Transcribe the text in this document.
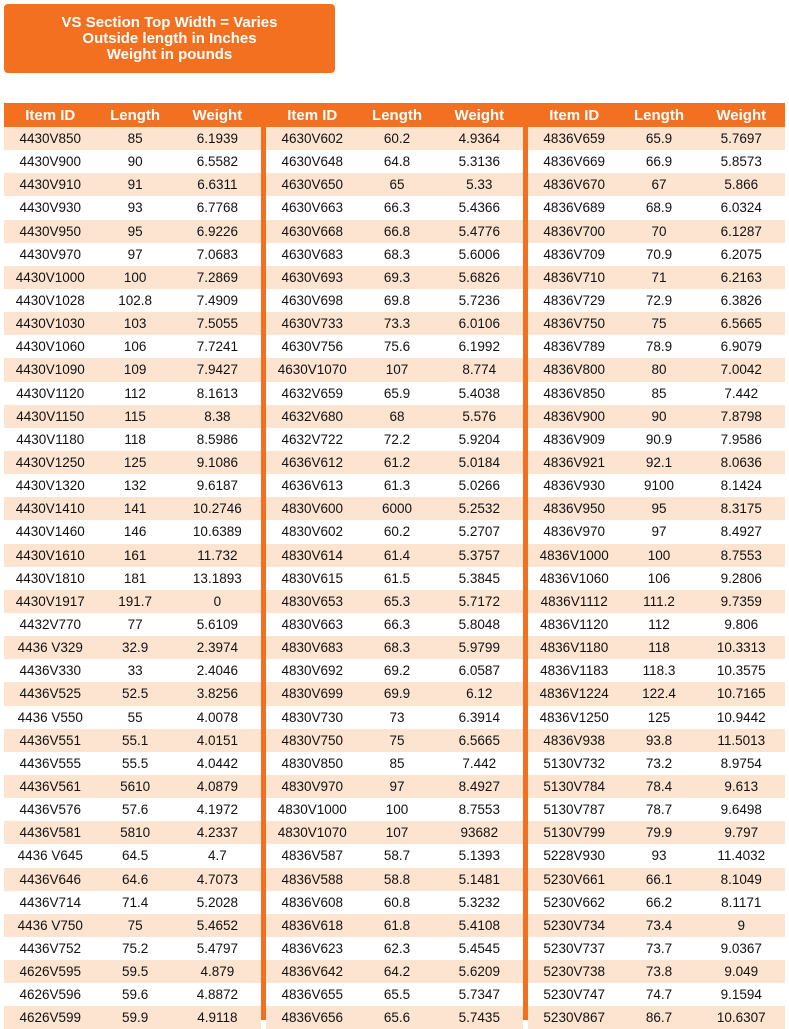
VS Section Top Width = Varies
Outside length in Inches
Weight in pounds
Item ID	Length	Weight
4430V850	85	6.1939
4430V900	90	6.5582
4430V910	91	6.6311
4430V930	93	6.7768
4430V950	95	6.9226
4430V970	97	7.0683
4430V1000	100	7.2869
4430V1028	102.8	7.4909
4430V1030	103	7.5055
4430V1060	106	7.7241
4430V1090	109	7.9427
4430V1120	112	8.1613
4430V1150	115	8.38
4430V1180	118	8.5986
4430V1250	125	9.1086
4430V1320	132	9.6187
4430V1410	141	10.2746
4430V1460	146	10.6389
4430V1610	161	11.732
4430V1810	181	13.1893
4430V1917	191.7	0
4432V770	77	5.6109
4436 V329	32.9	2.3974
4436V330	33	2.4046
4436V525	52.5	3.8256
4436 V550	55	4.0078
4436V551	55.1	4.0151
4436V555	55.5	4.0442
4436V561	5610	4.0879
4436V576	57.6	4.1972
4436V581	5810	4.2337
4436 V645	64.5	4.7
4436V646	64.6	4.7073
4436V714	71.4	5.2028
4436 V750	75	5.4652
4436V752	75.2	5.4797
4626V595	59.5	4.879
4626V596	59.6	4.8872
4626V599	59.9	4.9118
Item ID	Length	Weight
4630V602	60.2	4.9364
4630V648	64.8	5.3136
4630V650	65	5.33
4630V663	66.3	5.4366
4630V668	66.8	5.4776
4630V683	68.3	5.6006
4630V693	69.3	5.6826
4630V698	69.8	5.7236
4630V733	73.3	6.0106
4630V756	75.6	6.1992
4630V1070	107	8.774
4632V659	65.9	5.4038
4632V680	68	5.576
4632V722	72.2	5.9204
4636V612	61.2	5.0184
4636V613	61.3	5.0266
4830V600	6000	5.2532
4830V602	60.2	5.2707
4830V614	61.4	5.3757
4830V615	61.5	5.3845
4830V653	65.3	5.7172
4830V663	66.3	5.8048
4830V683	68.3	5.9799
4830V692	69.2	6.0587
4830V699	69.9	6.12
4830V730	73	6.3914
4830V750	75	6.5665
4830V850	85	7.442
4830V970	97	8.4927
4830V1000	100	8.7553
4830V1070	107	93682
4836V587	58.7	5.1393
4836V588	58.8	5.1481
4836V608	60.8	5.3232
4836V618	61.8	5.4108
4836V623	62.3	5.4545
4836V642	64.2	5.6209
4836V655	65.5	5.7347
4836V656	65.6	5.7435
Item ID	Length	Weight
4836V659	65.9	5.7697
4836V669	66.9	5.8573
4836V670	67	5.866
4836V689	68.9	6.0324
4836V700	70	6.1287
4836V709	70.9	6.2075
4836V710	71	6.2163
4836V729	72.9	6.3826
4836V750	75	6.5665
4836V789	78.9	6.9079
4836V800	80	7.0042
4836V850	85	7.442
4836V900	90	7.8798
4836V909	90.9	7.9586
4836V921	92.1	8.0636
4836V930	9100	8.1424
4836V950	95	8.3175
4836V970	97	8.4927
4836V1000	100	8.7553
4836V1060	106	9.2806
4836V1112	111.2	9.7359
4836V1120	112	9.806
4836V1180	118	10.3313
4836V1183	118.3	10.3575
4836V1224	122.4	10.7165
4836V1250	125	10.9442
4836V938	93.8	11.5013
5130V732	73.2	8.9754
5130V784	78.4	9.613
5130V787	78.7	9.6498
5130V799	79.9	9.797
5228V930	93	11.4032
5230V661	66.1	8.1049
5230V662	66.2	8.1171
5230V734	73.4	9
5230V737	73.7	9.0367
5230V738	73.8	9.049
5230V747	74.7	9.1594
5230V867	86.7	10.6307
